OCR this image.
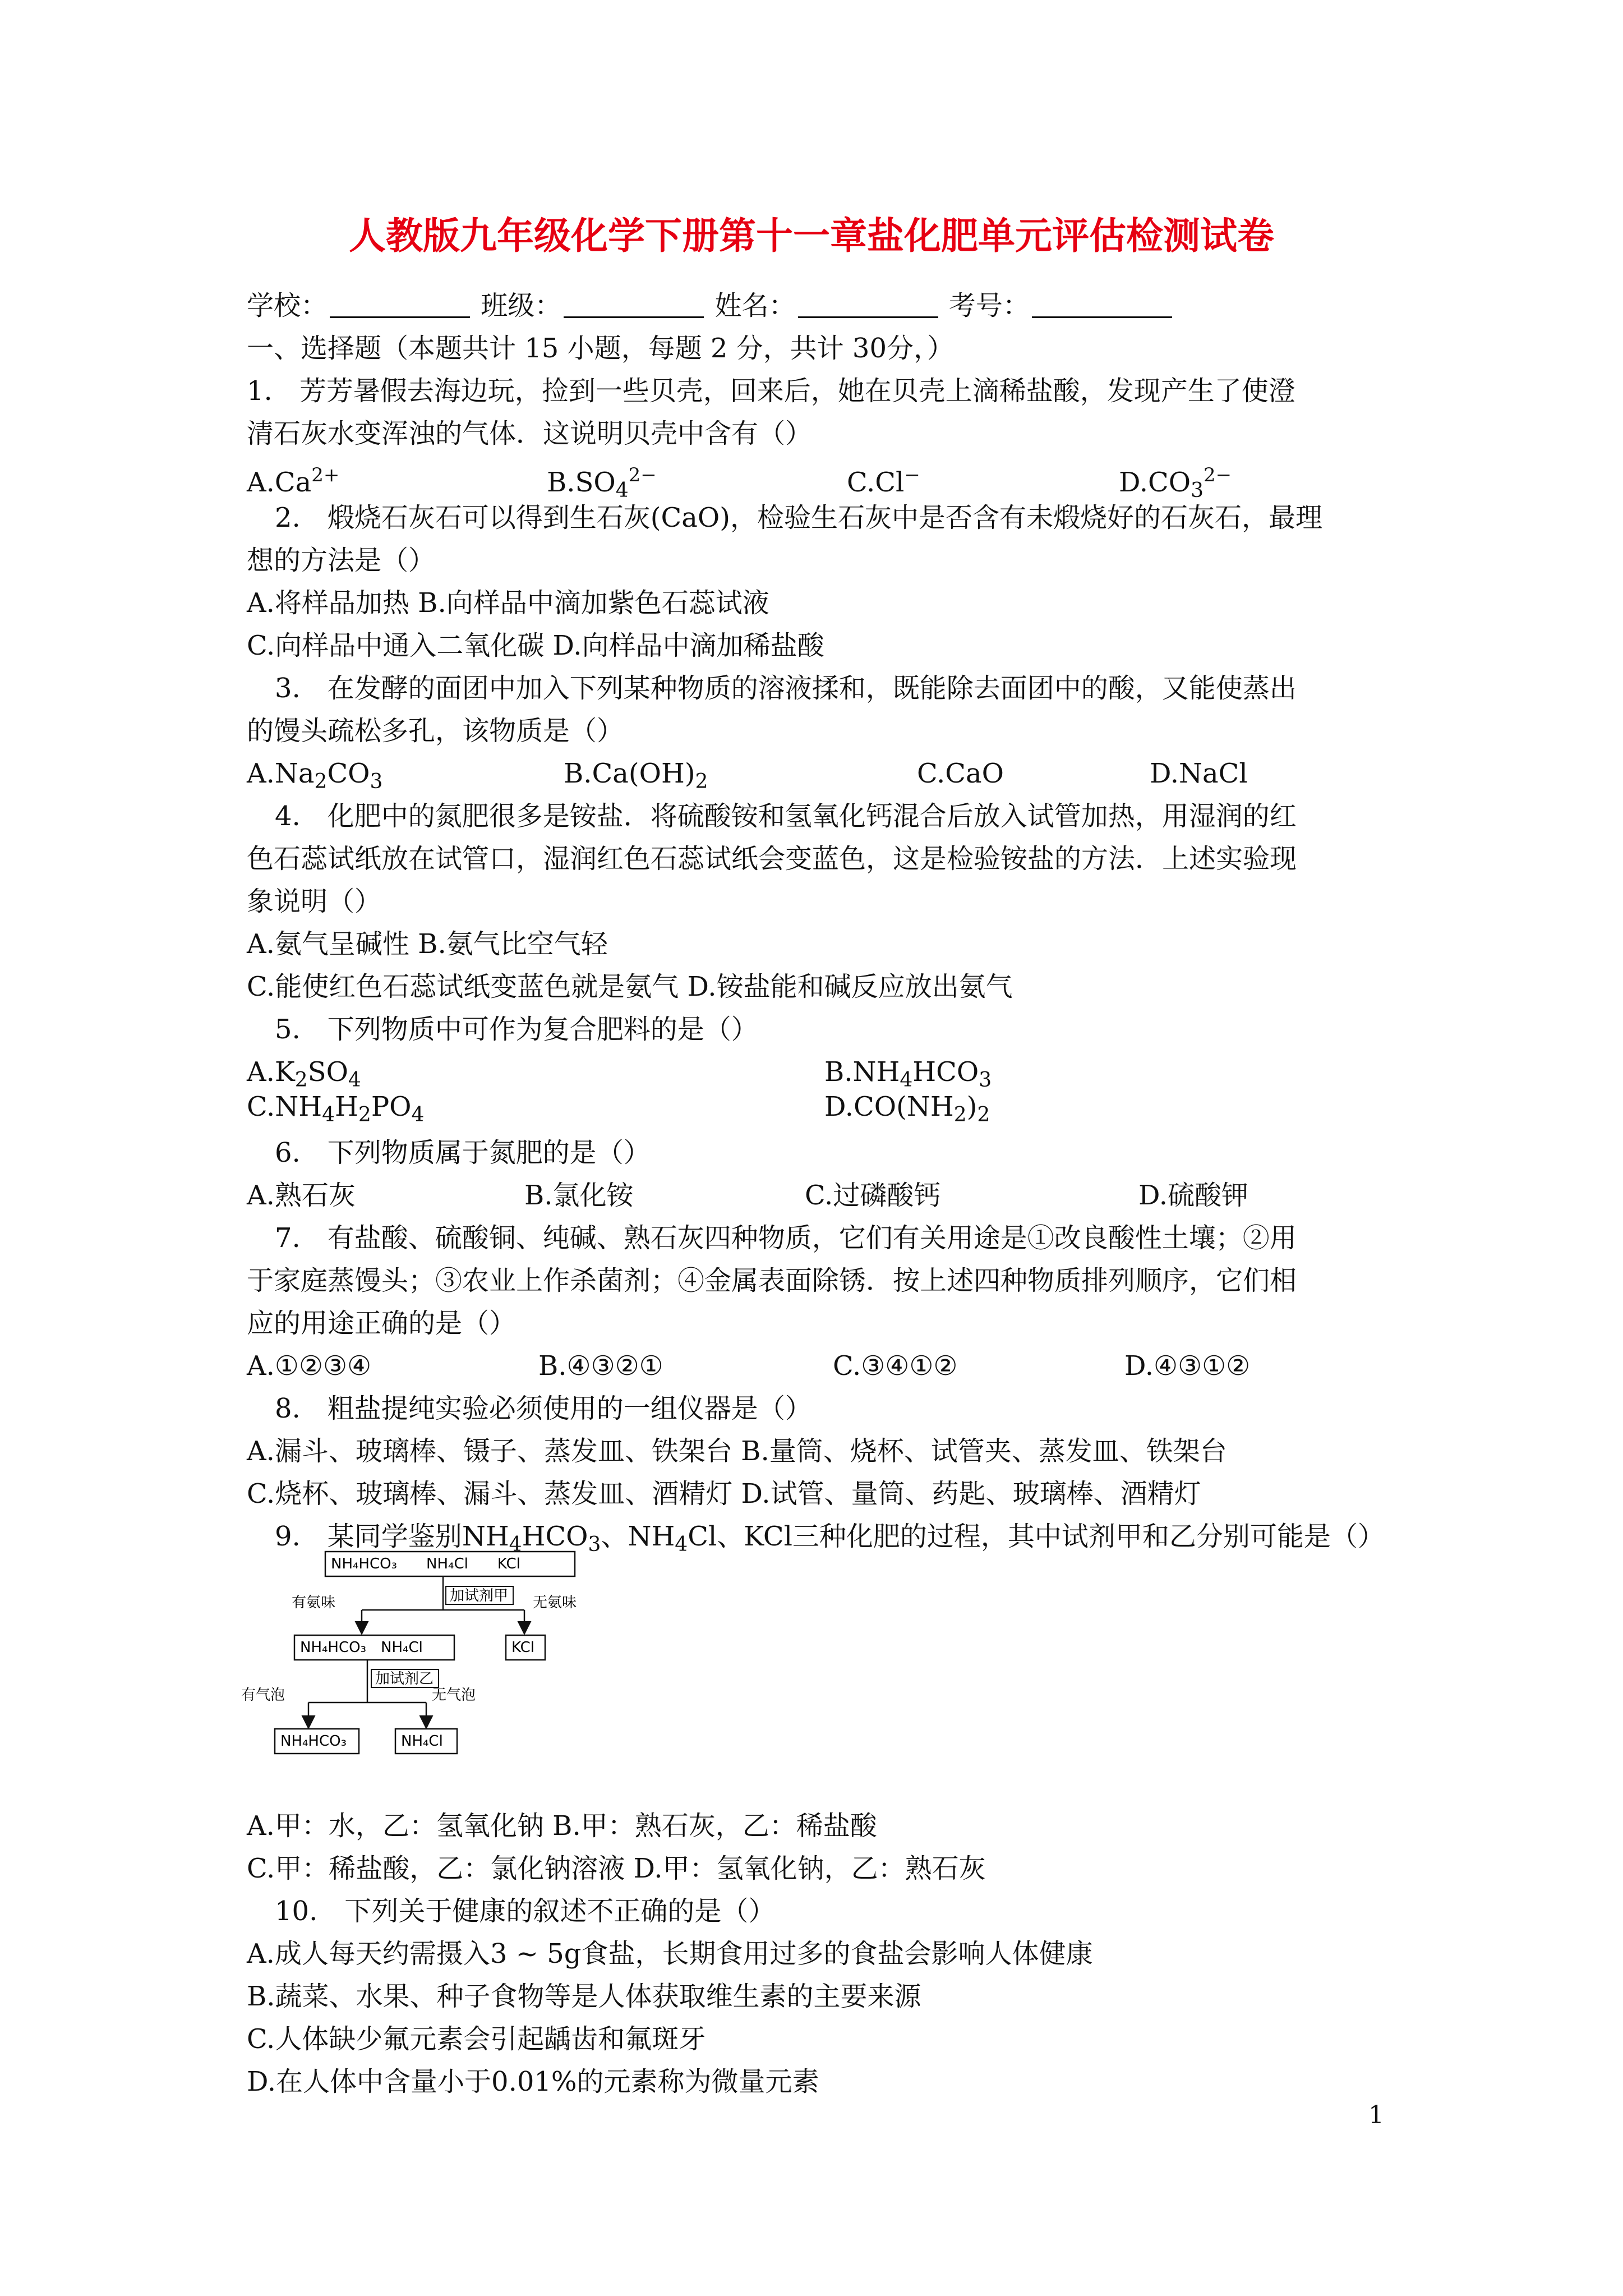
人教版九年级化学下册第十一章盐化肥单元评估检测试卷
学校：	班级：	姓名：	考号：
一、选择题（本题共计 15 小题，每题 2 分，共计 30分，）
1.　芳芳暑假去海边玩，捡到一些贝壳，回来后，她在贝壳上滴稀盐酸，发现产生了使澄
清石灰水变浑浊的气体．这说明贝壳中含有（）
$A.Ca^{2+}$	$B.SO_4^{2-}$	C.Cl−	$D.CO_3^{2-}$
2.　煅烧石灰石可以得到生石灰(CaO)，检验生石灰中是否含有未煅烧好的石灰石，最理
想的方法是（）
A.将样品加热 B.向样品中滴加紫色石蕊试液
C.向样品中通入二氧化碳 D.向样品中滴加稀盐酸
3.　在发酵的面团中加入下列某种物质的溶液揉和，既能除去面团中的酸，又能使蒸出
的馒头疏松多孔，该物质是（）
$A.Na_2CO_3$	$B.Ca(OH)_2$	C.CaO	D.NaCl
4.　化肥中的氮肥很多是铵盐．将硫酸铵和氢氧化钙混合后放入试管加热，用湿润的红
色石蕊试纸放在试管口，湿润红色石蕊试纸会变蓝色，这是检验铵盐的方法．上述实验现
象说明（）
A.氨气呈碱性 B.氨气比空气轻
C.能使红色石蕊试纸变蓝色就是氨气 D.铵盐能和碱反应放出氨气
5.　下列物质中可作为复合肥料的是（）
$A.K_2SO_4$	$B.NH_4HCO_3$
$C.NH_4H_2PO_4$	$D.CO(NH_2)_2$
6.　下列物质属于氮肥的是（）
A.熟石灰	B.氯化铵	C.过磷酸钙	D.硫酸钾
7.　有盐酸、硫酸铜、纯碱、熟石灰四种物质，它们有关用途是①改良酸性土壤；②用
于家庭蒸馒头；③农业上作杀菌剂；④金属表面除锈．按上述四种物质排列顺序，它们相
应的用途正确的是（）
A.①②③④	B.④③②①	C.③④①②	D.④③①②
8.　粗盐提纯实验必须使用的一组仪器是（）
A.漏斗、玻璃棒、镊子、蒸发皿、铁架台 B.量筒、烧杯、试管夹、蒸发皿、铁架台
C.烧杯、玻璃棒、漏斗、蒸发皿、酒精灯 D.试管、量筒、药匙、玻璃棒、酒精灯
9.　某同学鉴别$NH_4HCO_3$、$NH_4Cl$、KCl三种化肥的过程，其中试剂甲和乙分别可能是（）
NH₄HCO₃　　NH₄Cl　　KCl
加试剂甲
有氨味	无氨味
NH₄HCO₃　NH₄Cl	KCl
加试剂乙
有气泡	无气泡
NH₄HCO₃	NH₄Cl
A.甲：水，乙：氢氧化钠 B.甲：熟石灰，乙：稀盐酸
C.甲：稀盐酸，乙：氯化钠溶液 D.甲：氢氧化钠，乙：熟石灰
10.　下列关于健康的叙述不正确的是（）
A.成人每天约需摄入3 ~ 5g食盐，长期食用过多的食盐会影响人体健康
B.蔬菜、水果、种子食物等是人体获取维生素的主要来源
C.人体缺少氟元素会引起龋齿和氟斑牙
D.在人体中含量小于0.01%的元素称为微量元素
1
